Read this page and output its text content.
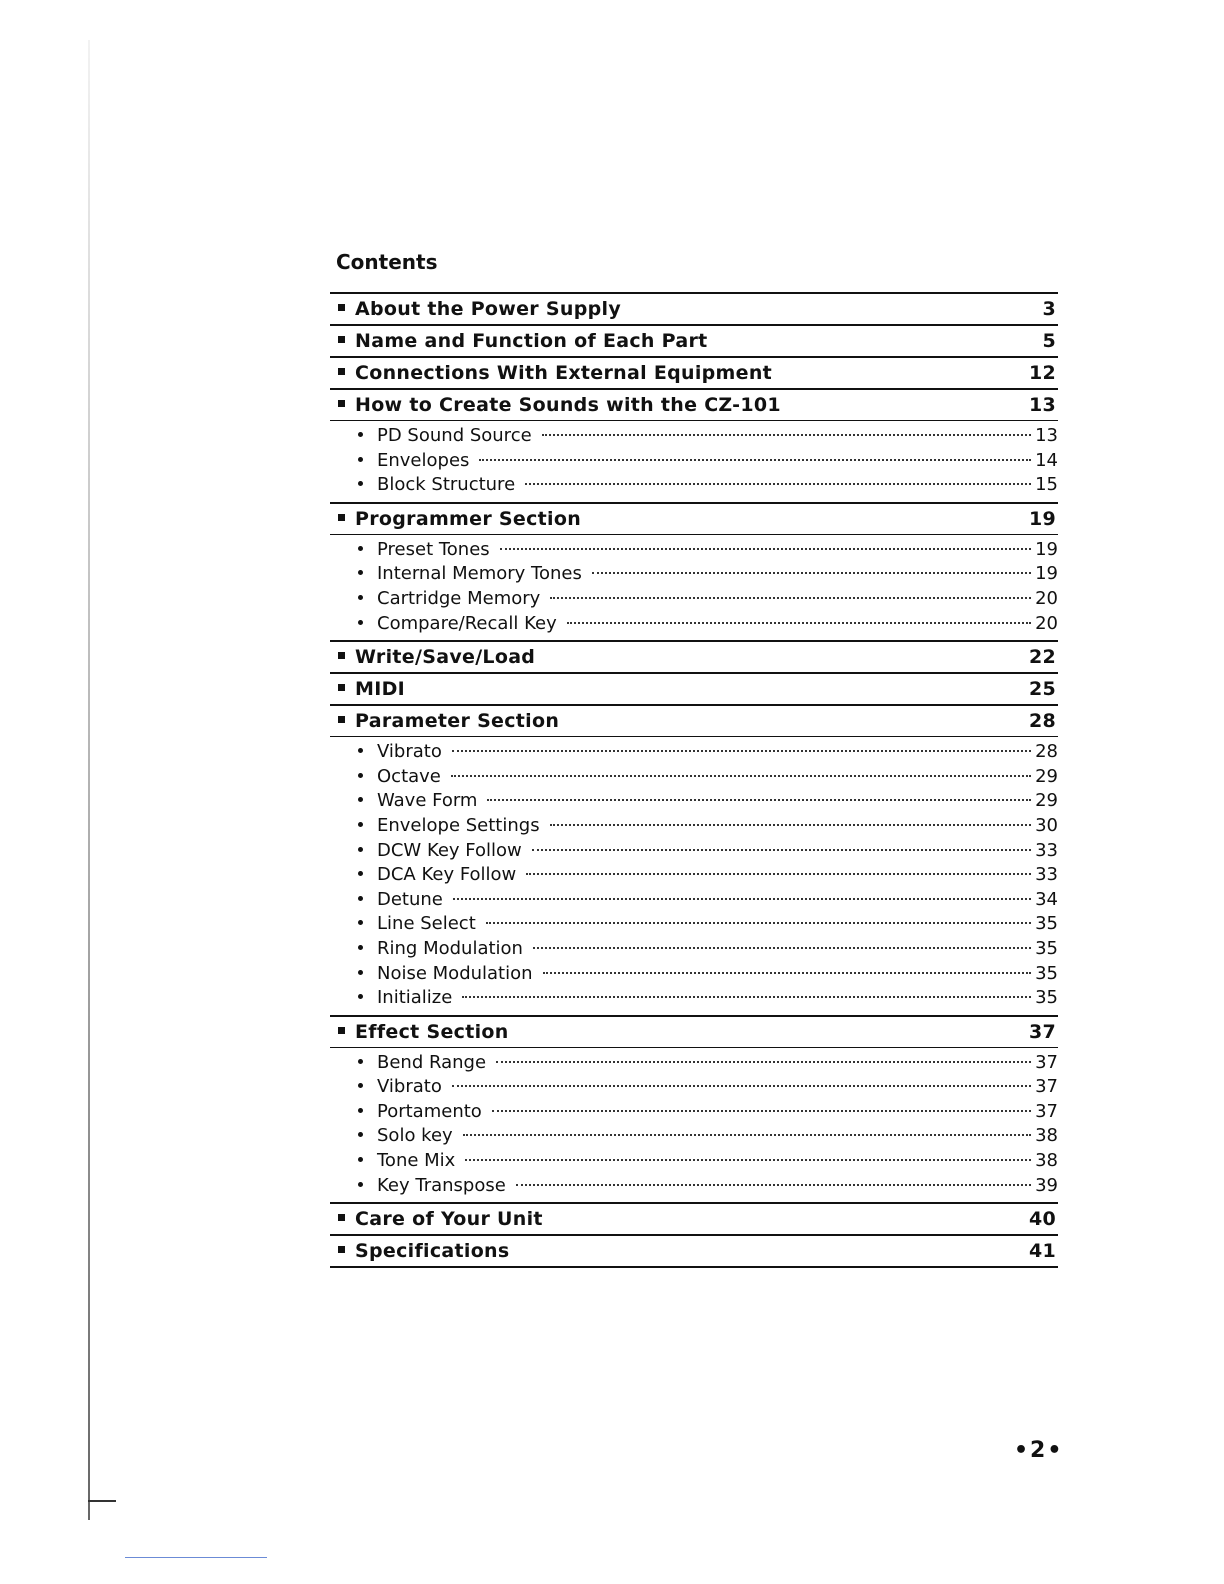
Contents
About the Power Supply	3
Name and Function of Each Part	5
Connections With External Equipment	12
How to Create Sounds with the CZ-101	13
PD Sound Source	13
Envelopes	14
Block Structure	15
Programmer Section	19
Preset Tones	19
Internal Memory Tones	19
Cartridge Memory	20
Compare/Recall Key	20
Write/Save/Load	22
MIDI	25
Parameter Section	28
Vibrato	28
Octave	29
Wave Form	29
Envelope Settings	30
DCW Key Follow	33
DCA Key Follow	33
Detune	34
Line Select	35
Ring Modulation	35
Noise Modulation	35
Initialize	35
Effect Section	37
Bend Range	37
Vibrato	37
Portamento	37
Solo key	38
Tone Mix	38
Key Transpose	39
Care of Your Unit	40
Specifications	41
•2•
